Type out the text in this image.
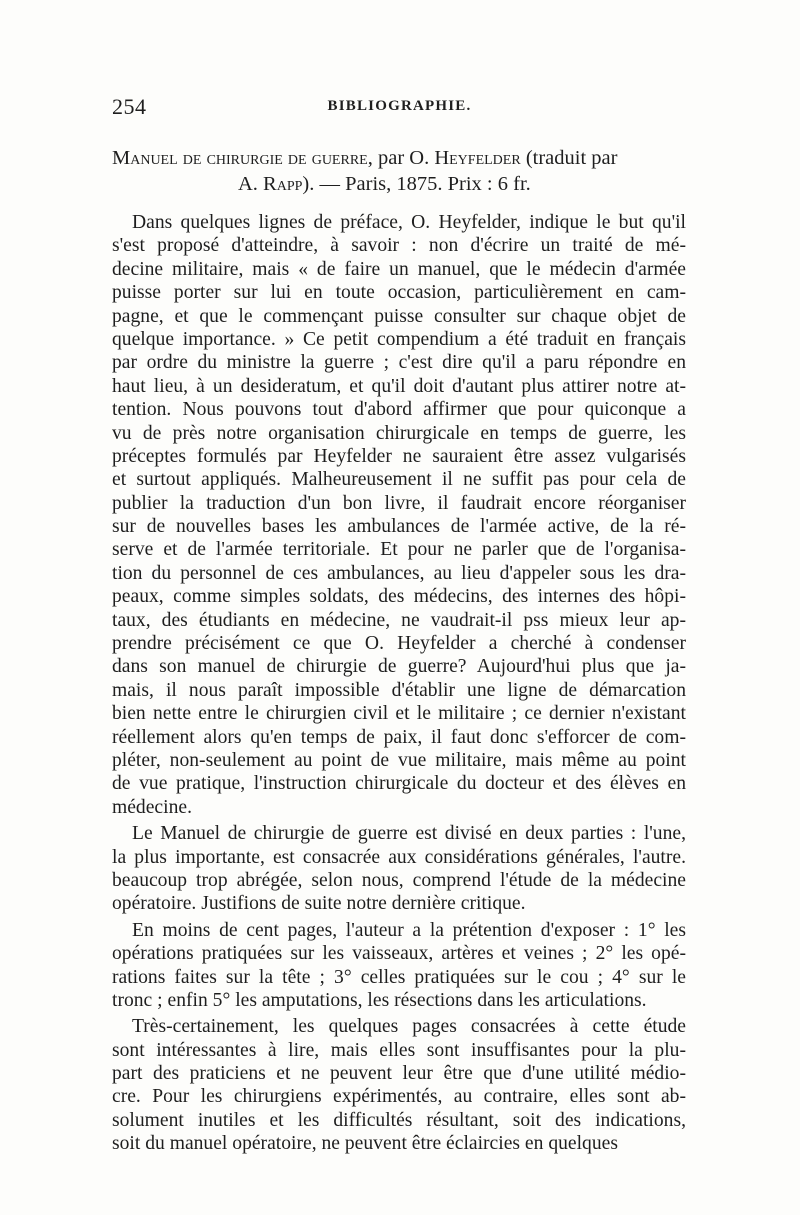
254	BIBLIOGRAPHIE.
Manuel de chirurgie de guerre, par O. Heyfelder (traduit par
A. Rapp). — Paris, 1875. Prix : 6 fr.
Dans quelques lignes de préface, O. Heyfelder, indique le but qu'il
s'est proposé d'atteindre, à savoir : non d'écrire un traité de mé-
decine militaire, mais « de faire un manuel, que le médecin d'armée
puisse porter sur lui en toute occasion, particulièrement en cam-
pagne, et que le commençant puisse consulter sur chaque objet de
quelque importance. » Ce petit compendium a été traduit en français
par ordre du ministre la guerre ; c'est dire qu'il a paru répondre en
haut lieu, à un desideratum, et qu'il doit d'autant plus attirer notre at-
tention. Nous pouvons tout d'abord affirmer que pour quiconque a
vu de près notre organisation chirurgicale en temps de guerre, les
préceptes formulés par Heyfelder ne sauraient être assez vulgarisés
et surtout appliqués. Malheureusement il ne suffit pas pour cela de
publier la traduction d'un bon livre, il faudrait encore réorganiser
sur de nouvelles bases les ambulances de l'armée active, de la ré-
serve et de l'armée territoriale. Et pour ne parler que de l'organisa-
tion du personnel de ces ambulances, au lieu d'appeler sous les dra-
peaux, comme simples soldats, des médecins, des internes des hôpi-
taux, des étudiants en médecine, ne vaudrait-il pss mieux leur ap-
prendre précisément ce que O. Heyfelder a cherché à condenser
dans son manuel de chirurgie de guerre? Aujourd'hui plus que ja-
mais, il nous paraît impossible d'établir une ligne de démarcation
bien nette entre le chirurgien civil et le militaire ; ce dernier n'existant
réellement alors qu'en temps de paix, il faut donc s'efforcer de com-
pléter, non-seulement au point de vue militaire, mais même au point
de vue pratique, l'instruction chirurgicale du docteur et des élèves en
médecine.
Le Manuel de chirurgie de guerre est divisé en deux parties : l'une,
la plus importante, est consacrée aux considérations générales, l'autre.
beaucoup trop abrégée, selon nous, comprend l'étude de la médecine
opératoire. Justifions de suite notre dernière critique.
En moins de cent pages, l'auteur a la prétention d'exposer : 1° les
opérations pratiquées sur les vaisseaux, artères et veines ; 2° les opé-
rations faites sur la tête ; 3° celles pratiquées sur le cou ; 4° sur le
tronc ; enfin 5° les amputations, les résections dans les articulations.
Très-certainement, les quelques pages consacrées à cette étude
sont intéressantes à lire, mais elles sont insuffisantes pour la plu-
part des praticiens et ne peuvent leur être que d'une utilité médio-
cre. Pour les chirurgiens expérimentés, au contraire, elles sont ab-
solument inutiles et les difficultés résultant, soit des indications,
soit du manuel opératoire, ne peuvent être éclaircies en quelques
